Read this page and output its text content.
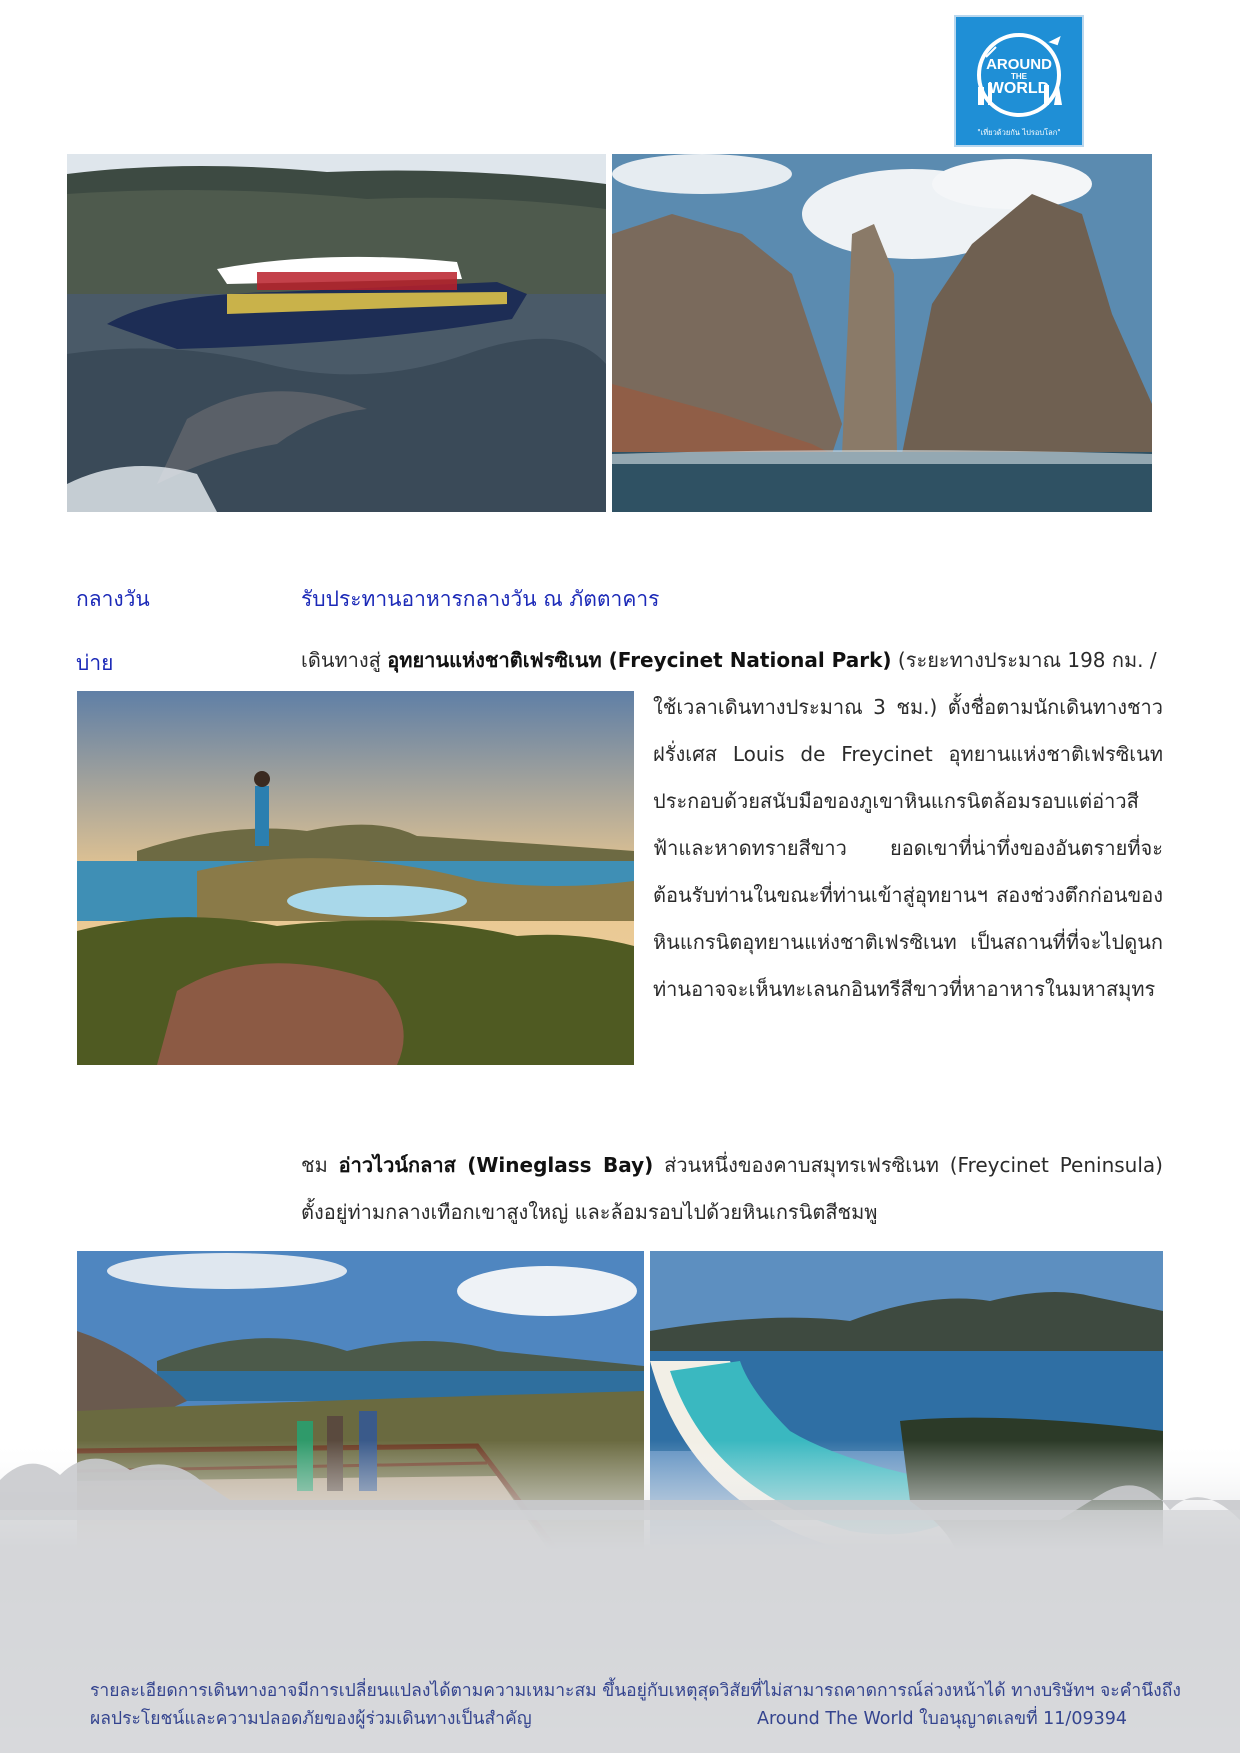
AROUND
THE
WORLD
"เที่ยวด้วยกัน ไปรอบโลก"
กลางวัน	รับประทานอาหารกลางวัน ณ ภัตตาคาร
บ่าย	เดินทางสู่ อุทยานแห่งชาติเฟรซิเนท (Freycinet National Park) (ระยะทางประมาณ 198 กม. /
ใช้เวลาเดินทางประมาณ 3 ชม.) ตั้งชื่อตามนักเดินทางชาวฝรั่งเศส Louis de Freycinet อุทยานแห่งชาติเฟรซิเนท ประกอบด้วยสนับมือของภูเขาหินแกรนิตล้อมรอบแต่อ่าวสีฟ้าและหาดทรายสีขาว ยอดเขาที่น่าทึ่งของอันตรายที่จะต้อนรับท่านในขณะที่ท่านเข้าสู่อุทยานฯ สองช่วงตึกก่อนของหินแกรนิตอุทยานแห่งชาติเฟรซิเนท เป็นสถานที่ที่จะไปดูนก ท่านอาจจะเห็นทะเลนกอินทรีสีขาวที่หาอาหารในมหาสมุทร
ชม อ่าวไวน์กลาส (Wineglass Bay) ส่วนหนึ่งของคาบสมุทรเฟรซิเนท (Freycinet Peninsula) ตั้งอยู่ท่ามกลางเทือกเขาสูงใหญ่ และล้อมรอบไปด้วยหินเกรนิตสีชมพู
รายละเอียดการเดินทางอาจมีการเปลี่ยนแปลงได้ตามความเหมาะสม ขึ้นอยู่กับเหตุสุดวิสัยที่ไม่สามารถคาดการณ์ล่วงหน้าได้ ทางบริษัทฯ จะคำนึงถึง
ผลประโยชน์และความปลอดภัยของผู้ร่วมเดินทางเป็นสำคัญ	Around The World ใบอนุญาตเลขที่ 11/09394
